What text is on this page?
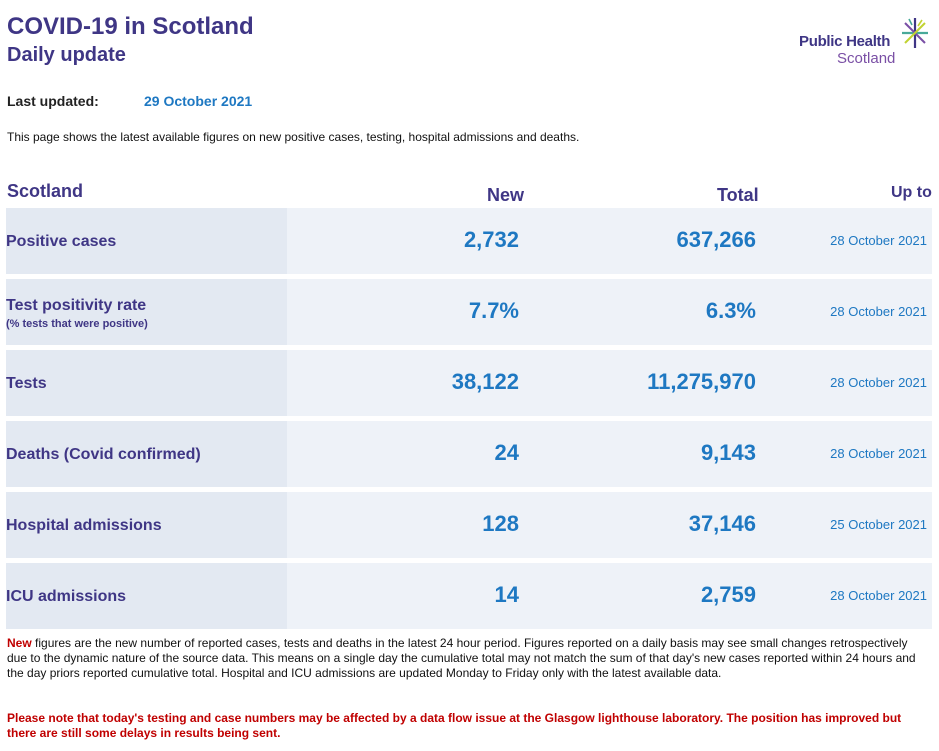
COVID-19 in Scotland
Daily update
Public Health
Scotland
Last updated:	29 October 2021
This page shows the latest available figures on new positive cases, testing, hospital admissions and deaths.
Scotland	New	Total	Up to
Positive cases	2,732	637,266	28 October 2021
Test positivity rate
(% tests that were positive)
7.7%	6.3%	28 October 2021
Tests	38,122	11,275,970	28 October 2021
Deaths (Covid confirmed)	24	9,143	28 October 2021
Hospital admissions	128	37,146	25 October 2021
ICU admissions	14	2,759	28 October 2021
New figures are the new number of reported cases, tests and deaths in the latest 24 hour period. Figures reported on a daily basis may see small changes retrospectively due to the dynamic nature of the source data. This means on a single day the cumulative total may not match the sum of that day's new cases reported within 24 hours and the day priors reported cumulative total. Hospital and ICU admissions are updated Monday to Friday only with the latest available data.
Please note that today's testing and case numbers may be affected by a data flow issue at the Glasgow lighthouse laboratory. The position has improved but there are still some delays in results being sent.
